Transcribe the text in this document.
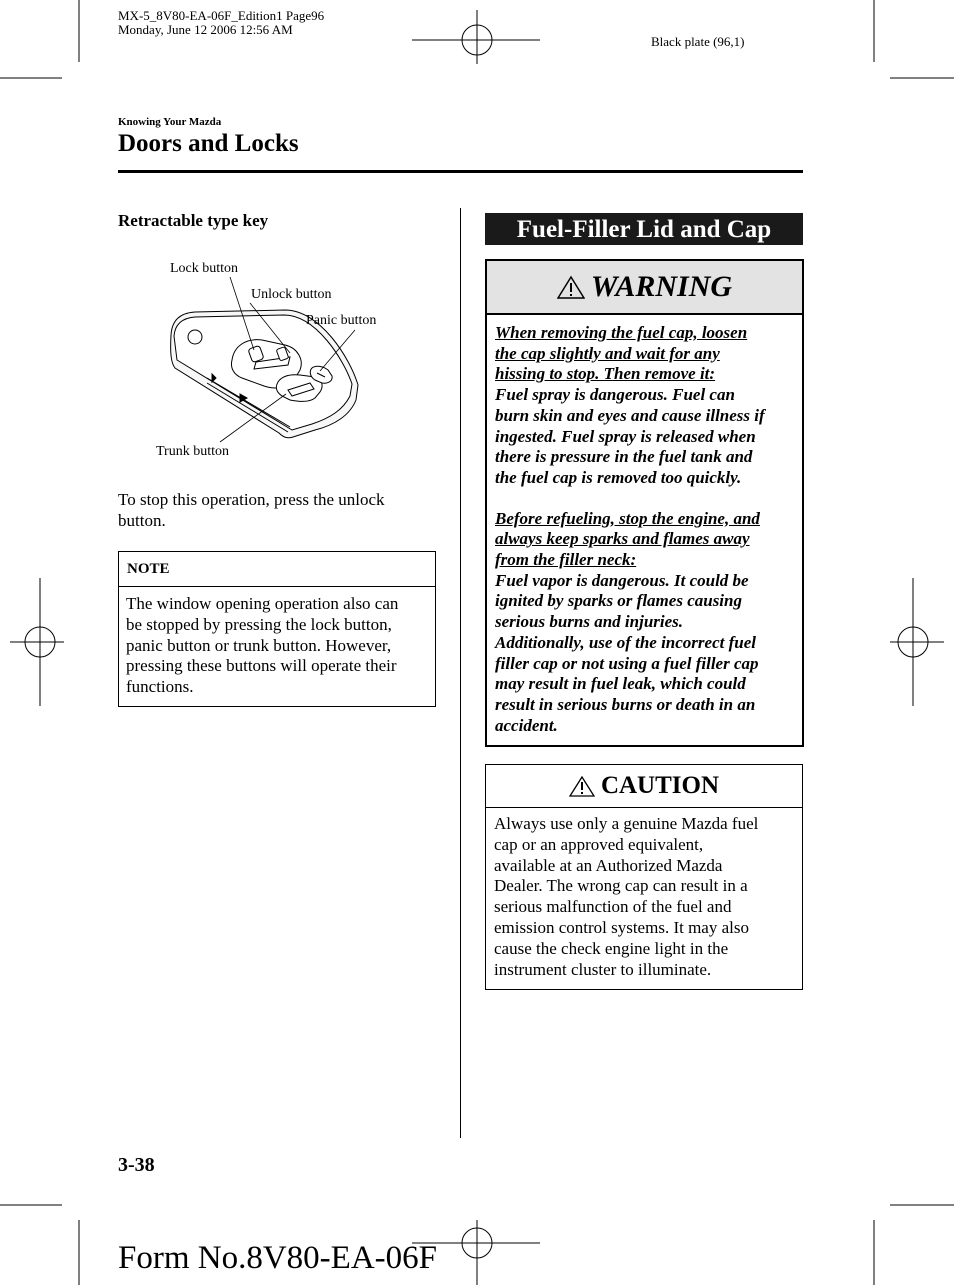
MX-5_8V80-EA-06F_Edition1 Page96
Monday, June 12 2006 12:56 AM
Black plate (96,1)
Knowing Your Mazda
Doors and Locks
Retractable type key
Lock button
Unlock button
Panic button
Trunk button
To stop this operation, press the unlock button.
NOTE
The window opening operation also can
be stopped by pressing the lock button,
panic button or trunk button. However,
pressing these buttons will operate their
functions.
Fuel-Filler Lid and Cap
WARNING

When removing the fuel cap, loosen

the cap slightly and wait for any

hissing to stop. Then remove it:

Fuel spray is dangerous. Fuel can

burn skin and eyes and cause illness if

ingested. Fuel spray is released when

there is pressure in the fuel tank and

the fuel cap is removed too quickly.

Before refueling, stop the engine, and

always keep sparks and flames away

from the filler neck:

Fuel vapor is dangerous. It could be

ignited by sparks or flames causing

serious burns and injuries.

Additionally, use of the incorrect fuel

filler cap or not using a fuel filler cap

may result in fuel leak, which could

result in serious burns or death in an

accident.

CAUTION
Always use only a genuine Mazda fuel
cap or an approved equivalent,
available at an Authorized Mazda
Dealer. The wrong cap can result in a
serious malfunction of the fuel and
emission control systems. It may also
cause the check engine light in the
instrument cluster to illuminate.
3-38
Form No.8V80-EA-06F
